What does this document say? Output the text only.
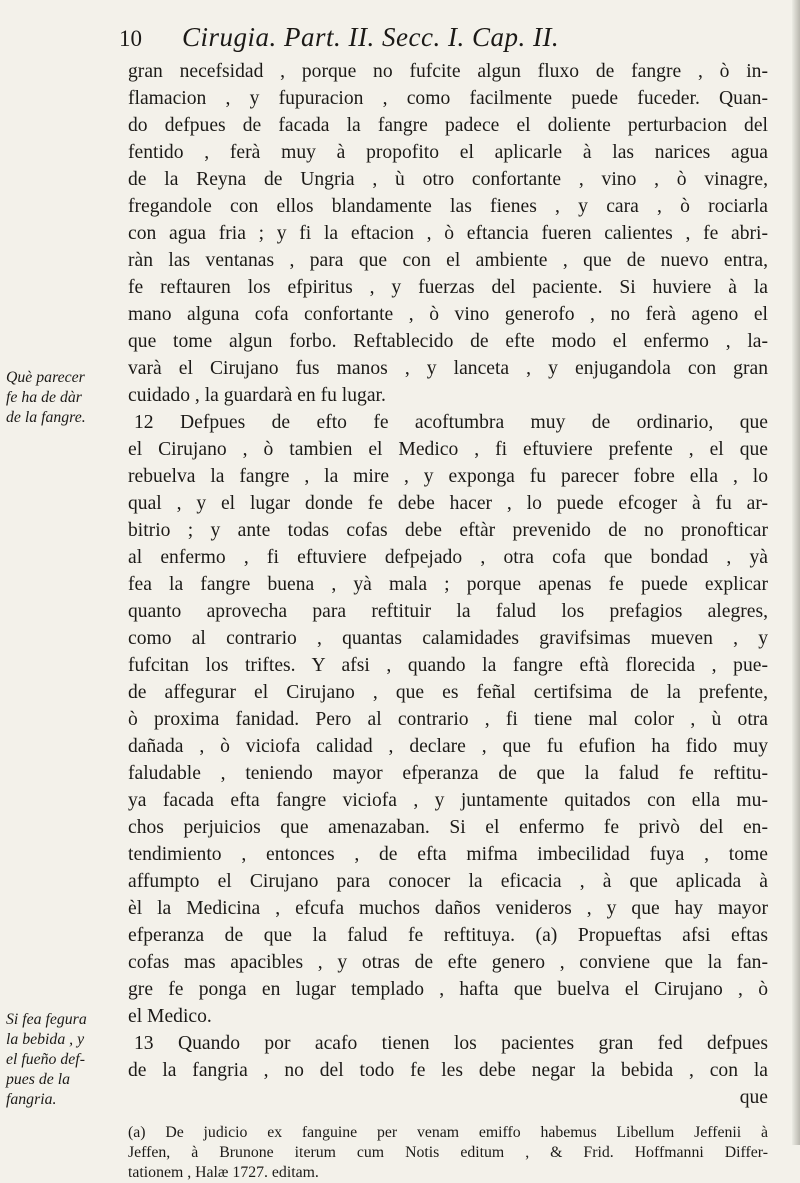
10 Cirugia. Part. II. Secc. I. Cap. II.
Què parecer
fe ha de dàr
de la fangre.
Si fea fegura
la bebida , y
el fueño def-
pues de la
fangria.
gran necefsidad , porque no fufcite algun fluxo de fangre , ò in-
flamacion , y fupuracion , como facilmente puede fuceder. Quan-
do defpues de facada la fangre padece el doliente perturbacion del
fentido , ferà muy à propofito el aplicarle à las narices agua
de la Reyna de Ungria , ù otro confortante , vino , ò vinagre,
fregandole con ellos blandamente las fienes , y cara , ò rociarla
con agua fria ; y fi la eftacion , ò eftancia fueren calientes , fe abri-
ràn las ventanas , para que con el ambiente , que de nuevo entra,
fe reftauren los efpiritus , y fuerzas del paciente. Si huviere à la
mano alguna cofa confortante , ò vino generofo , no ferà ageno el
que tome algun forbo. Reftablecido de efte modo el enfermo , la-
varà el Cirujano fus manos , y lanceta , y enjugandola con gran
cuidado , la guardarà en fu lugar.
12 Defpues de efto fe acoftumbra muy de ordinario, que
el Cirujano , ò tambien el Medico , fi eftuviere prefente , el que
rebuelva la fangre , la mire , y exponga fu parecer fobre ella , lo
qual , y el lugar donde fe debe hacer , lo puede efcoger à fu ar-
bitrio ; y ante todas cofas debe eftàr prevenido de no pronofticar
al enfermo , fi eftuviere defpejado , otra cofa que bondad , yà
fea la fangre buena , yà mala ; porque apenas fe puede explicar
quanto aprovecha para reftituir la falud los prefagios alegres,
como al contrario , quantas calamidades gravifsimas mueven , y
fufcitan los triftes. Y afsi , quando la fangre eftà florecida , pue-
de affegurar el Cirujano , que es feñal certifsima de la prefente,
ò proxima fanidad. Pero al contrario , fi tiene mal color , ù otra
dañada , ò viciofa calidad , declare , que fu efufion ha fido muy
faludable , teniendo mayor efperanza de que la falud fe reftitu-
ya facada efta fangre viciofa , y juntamente quitados con ella mu-
chos perjuicios que amenazaban. Si el enfermo fe privò del en-
tendimiento , entonces , de efta mifma imbecilidad fuya , tome
affumpto el Cirujano para conocer la eficacia , à que aplicada à
èl la Medicina , efcufa muchos daños venideros , y que hay mayor
efperanza de que la falud fe reftituya. (a) Propueftas afsi eftas
cofas mas apacibles , y otras de efte genero , conviene que la fan-
gre fe ponga en lugar templado , hafta que buelva el Cirujano , ò
el Medico.
13 Quando por acafo tienen los pacientes gran fed defpues
de la fangria , no del todo fe les debe negar la bebida , con la
que
(a) De judicio ex fanguine per venam emiffo habemus Libellum Jeffenii à
Jeffen, à Brunone iterum cum Notis editum , & Frid. Hoffmanni Differ-
tationem , Halæ 1727. editam.
